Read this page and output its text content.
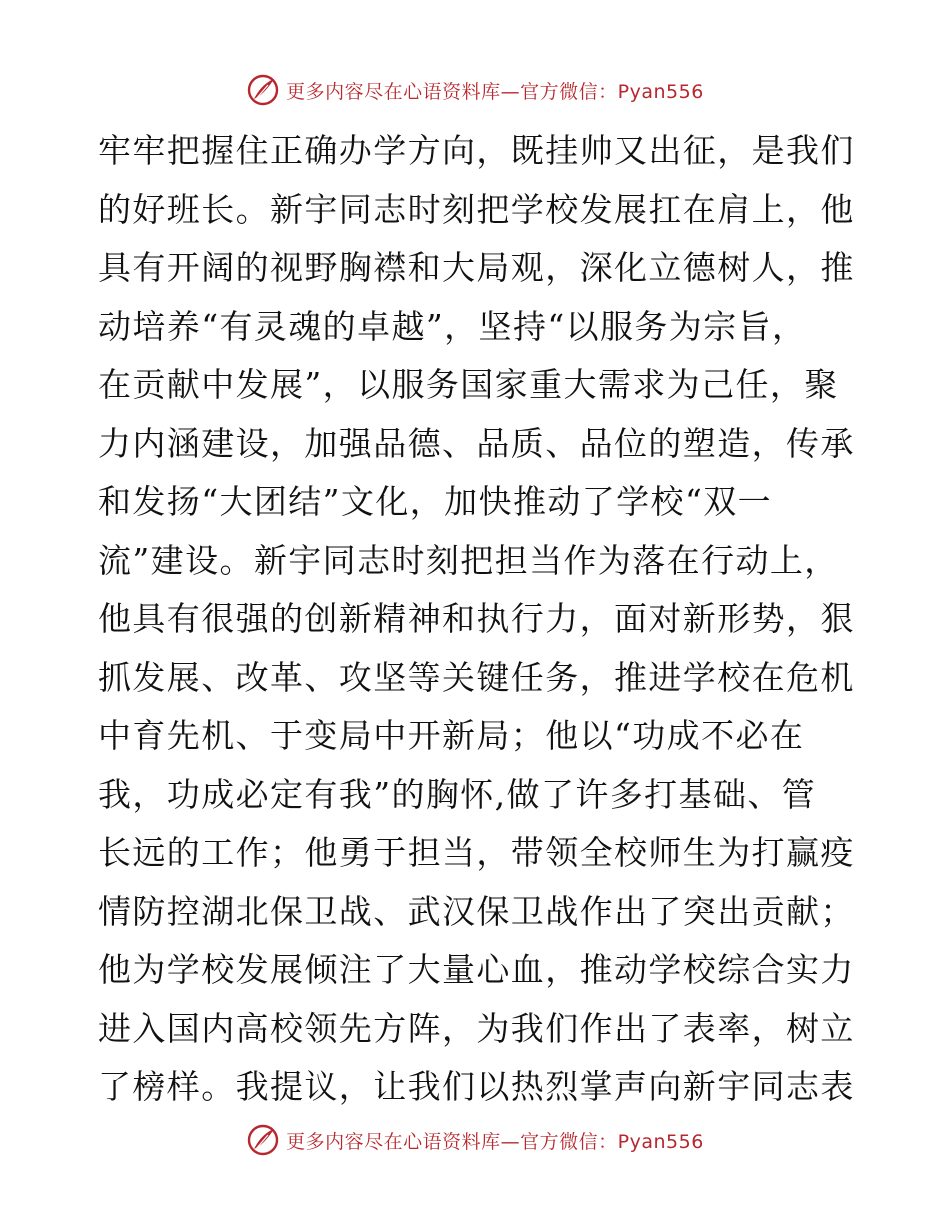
更多内容尽在心语资料库—官方微信：Pyan556
牢牢把握住正确办学方向，既挂帅又出征，是我们
的好班长。新宇同志时刻把学校发展扛在肩上，他
具有开阔的视野胸襟和大局观，深化立德树人，推
动培养“有灵魂的卓越”，坚持“以服务为宗旨，
在贡献中发展”，以服务国家重大需求为己任，聚
力内涵建设，加强品德、品质、品位的塑造，传承
和发扬“大团结”文化，加快推动了学校“双一
流”建设。新宇同志时刻把担当作为落在行动上，
他具有很强的创新精神和执行力，面对新形势，狠
抓发展、改革、攻坚等关键任务，推进学校在危机
中育先机、于变局中开新局；他以“功成不必在
我，功成必定有我”的胸怀,做了许多打基础、管
长远的工作；他勇于担当，带领全校师生为打赢疫
情防控湖北保卫战、武汉保卫战作出了突出贡献；
他为学校发展倾注了大量心血，推动学校综合实力
进入国内高校领先方阵，为我们作出了表率，树立
了榜样。我提议，让我们以热烈掌声向新宇同志表
更多内容尽在心语资料库—官方微信：Pyan556
